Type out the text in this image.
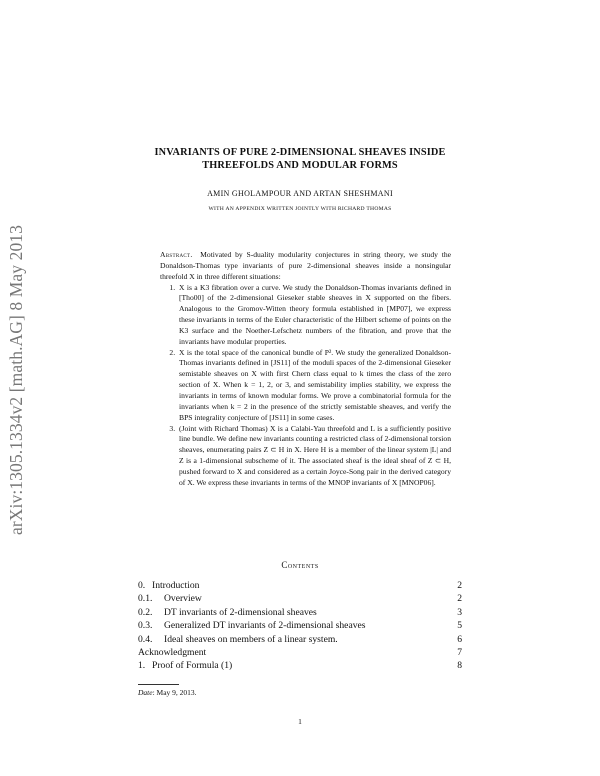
arXiv:1305.1334v2 [math.AG] 8 May 2013
INVARIANTS OF PURE 2-DIMENSIONAL SHEAVES INSIDE
THREEFOLDS AND MODULAR FORMS
AMIN GHOLAMPOUR AND ARTAN SHESHMANI
WITH AN APPENDIX WRITTEN JOINTLY WITH RICHARD THOMAS

Abstract. Motivated by S-duality modularity conjectures in string theory, we study the Donaldson-Thomas type invariants of pure 2-dimensional sheaves inside a nonsingular threefold X in three different situations:

1. X is a K3 fibration over a curve. We study the Donaldson-Thomas invariants defined in [Tho00] of the 2-dimensional Gieseker stable sheaves in X supported on the fibers. Analogous to the Gromov-Witten theory formula established in [MP07], we express these invariants in terms of the Euler characteristic of the Hilbert scheme of points on the K3 surface and the Noether-Lefschetz numbers of the fibration, and prove that the invariants have modular properties.
2. X is the total space of the canonical bundle of P². We study the generalized Donaldson-Thomas invariants defined in [JS11] of the moduli spaces of the 2-dimensional Gieseker semistable sheaves on X with first Chern class equal to k times the class of the zero section of X. When k = 1, 2, or 3, and semistability implies stability, we express the invariants in terms of known modular forms. We prove a combinatorial formula for the invariants when k = 2 in the presence of the strictly semistable sheaves, and verify the BPS integrality conjecture of [JS11] in some cases.
3. (Joint with Richard Thomas) X is a Calabi-Yau threefold and L is a sufficiently positive line bundle. We define new invariants counting a restricted class of 2-dimensional torsion sheaves, enumerating pairs Z ⊂ H in X. Here H is a member of the linear system |L| and Z is a 1-dimensional subscheme of it. The associated sheaf is the ideal sheaf of Z ⊂ H, pushed forward to X and considered as a certain Joyce-Song pair in the derived category of X. We express these invariants in terms of the MNOP invariants of X [MNOP06].
Contents
0. Introduction	2
0.1.	Overview	2
0.2.	DT invariants of 2-dimensional sheaves	3
0.3.	Generalized DT invariants of 2-dimensional sheaves	5
0.4.	Ideal sheaves on members of a linear system.	6
Acknowledgment	7
1. Proof of Formula (1)	8
Date: May 9, 2013.
1
